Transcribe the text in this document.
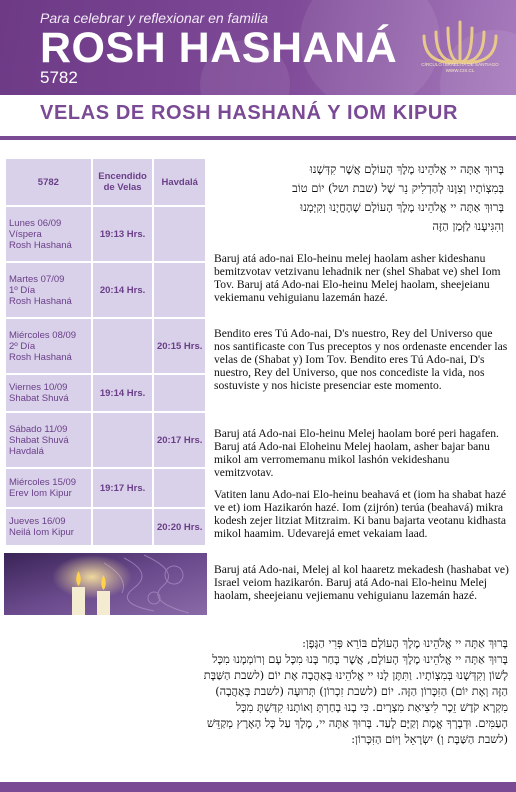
Para celebrar y reflexionar en familia
ROSH HASHANÁ
5782
CÍRCULO ISRAELITA DE SANTIAGO
WWW.CIS.CL
VELAS DE ROSH HASHANÁ Y IOM KIPUR
5782	Encendido de Velas	Havdalá

Lunes 06/09
Víspera
Rosh Hashaná	19:13 Hrs.	

Martes 07/09
1º Día
Rosh Hashaná	20:14 Hrs.	

Miércoles 08/09
2º Día
Rosh Hashaná		20:15 Hrs.

Viernes 10/09
Shabat Shuvá	19:14 Hrs.	

Sábado 11/09
Shabat Shuvá
Havdalá		20:17 Hrs.

Miércoles 15/09
Erev Iom Kipur	19:17 Hrs.	

Jueves 16/09
Neilá Iom Kipur		20:20 Hrs.
בָּרוּךְ אַתָּה יי אֱלֹהֵינוּ מֶלֶךְ הָעוֹלָם אֲשֶׁר קִדְּשָׁנוּ
בְּמִצְוֹתָיו וְצִוָּנוּ לְהַדְלִיק נֵר שֶׁל (שבת ושל) יוֹם טוֹב
בָּרוּךְ אַתָּה יי אֱלֹהֵינוּ מֶלֶךְ הָעוֹלָם שֶׁהֶחֱיָנוּ וְקִיְּמָנוּ
וְהִגִּיעָנוּ לַזְּמַן הַזֶּה
Baruj atá ado-nai Elo-heinu melej haolam asher kideshanu bemitzvotav vetzivanu lehadnik ner (shel Shabat ve) shel Iom Tov. Baruj atá Ado-nai Elo-heinu Melej haolam, sheejeianu vekiemanu vehiguianu lazemán hazé.
Bendito eres Tú Ado-nai, D's nuestro, Rey del Universo que nos santificaste con Tus preceptos y nos ordenaste encender las velas de (Shabat y) Iom Tov. Bendito eres Tú Ado-nai, D's nuestro, Rey del Universo, que nos concediste la vida, nos sostuviste y nos hiciste presenciar este momento.
Baruj atá Ado-nai Elo-heinu Melej haolam boré peri hagafen. Baruj atá Ado-nai Eloheinu Melej haolam, asher bajar banu mikol am verromemanu mikol lashón vekideshanu vemitzvotav.
Vatiten lanu Ado-nai Elo-heinu beahavá et (iom ha shabat hazé ve et) iom Hazikarón hazé. Iom (zijrón) terúa (beahavá) mikra kodesh zejer litziat Mitzraim. Ki banu bajarta veotanu kidhasta mikol haamim. Udevarejá emet vekaiam laad.
Baruj atá Ado-nai, Melej al kol haaretz mekadesh (hashabat ve) Israel veiom hazikarón. Baruj atá Ado-nai Elo-heinu Melej haolam, sheejeianu vejiemanu vehiguianu lazemán hazé.
בָּרוּךְ אַתָּה יי אֱלֹהֵינוּ מֶלֶךְ הָעוֹלָם בּוֹרֵא פְּרִי הַגָּפֶן:
בָּרוּךְ אַתָּה יי אֱלֹהֵינוּ מֶלֶךְ הָעוֹלָם, אֲשֶׁר בָּחַר בָּנוּ מִכָּל עָם וְרוֹמְמָנוּ מִכָּל
לָשׁוֹן וְקִדְּשָׁנוּ בְּמִצְוֹתָיו. וַתִּתֶּן לָנוּ יי אֱלֹהֵינוּ בְּאַהֲבָה אֶת יוֹם (לשבת הַשַּׁבָּת
הַזֶּה וְאֶת יוֹם) הַזִּכָּרוֹן הַזֶּה. יוֹם (לשבת זִכְרוֹן) תְּרוּעָה (לשבת בְּאַהֲבָה)
מִקְרָא קֹדֶשׁ זֵכֶר לִיצִיאַת מִצְרָיִם. כִּי בָנוּ בָחַרְתָּ וְאוֹתָנוּ קִדַּשְׁתָּ מִכָּל
הָעַמִּים. וּדְבָרְךָ אֱמֶת וְקַיָּם לָעַד. בָּרוּךְ אַתָּה יי, מֶלֶךְ עַל כָּל הָאָרֶץ מְקַדֵּשׁ
(לשבת הַשַּׁבָּת וְ) יִשְׂרָאֵל וְיוֹם הַזִּכָּרוֹן:
